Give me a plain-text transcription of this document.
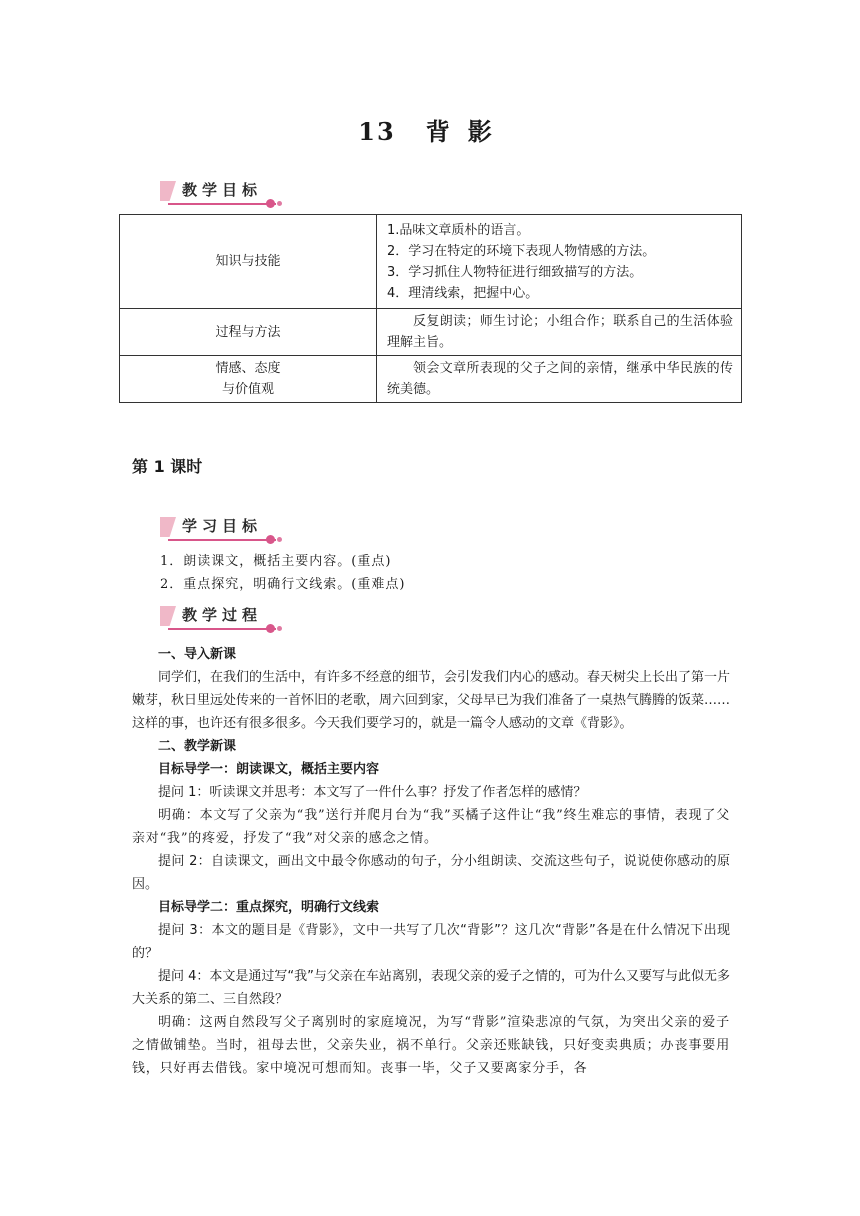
13 背 影
教学目标
知识与技能	1.品味文章质朴的语言。
2．学习在特定的环境下表现人物情感的方法。
3．学习抓住人物特征进行细致描写的方法。
4．理清线索，把握中心。

过程与方法	反复朗读；师生讨论；小组合作；联系自己的生活体验理解主旨。

情感、态度
与价值观	领会文章所表现的父子之间的亲情，继承中华民族的传统美德。
第 1 课时
学习目标
1．朗读课文，概括主要内容。(重点)
2．重点探究，明确行文线索。(重难点)
教学过程

一、导入新课

同学们，在我们的生活中，有许多不经意的细节，会引发我们内心的感动。春天树尖上长出了第一片嫩芽，秋日里远处传来的一首怀旧的老歌，周六回到家，父母早已为我们准备了一桌热气腾腾的饭菜……这样的事，也许还有很多很多。今天我们要学习的，就是一篇令人感动的文章《背影》。

二、教学新课

目标导学一：朗读课文，概括主要内容

提问 1：听读课文并思考：本文写了一件什么事？抒发了作者怎样的感情？

明确：本文写了父亲为“我”送行并爬月台为“我”买橘子这件让“我”终生难忘的事情，表现了父亲对“我”的疼爱，抒发了“我”对父亲的感念之情。

提问 2：自读课文，画出文中最令你感动的句子，分小组朗读、交流这些句子，说说使你感动的原因。

目标导学二：重点探究，明确行文线索

提问 3：本文的题目是《背影》，文中一共写了几次“背影”？这几次“背影”各是在什么情况下出现的？

提问 4：本文是通过写“我”与父亲在车站离别，表现父亲的爱子之情的，可为什么又要写与此似无多大关系的第二、三自然段？

明确：这两自然段写父子离别时的家庭境况，为写“背影”渲染悲凉的气氛，为突出父亲的爱子之情做铺垫。当时，祖母去世，父亲失业，祸不单行。父亲还账缺钱，只好变卖典质；办丧事要用钱，只好再去借钱。家中境况可想而知。丧事一毕，父子又要离家分手，各
